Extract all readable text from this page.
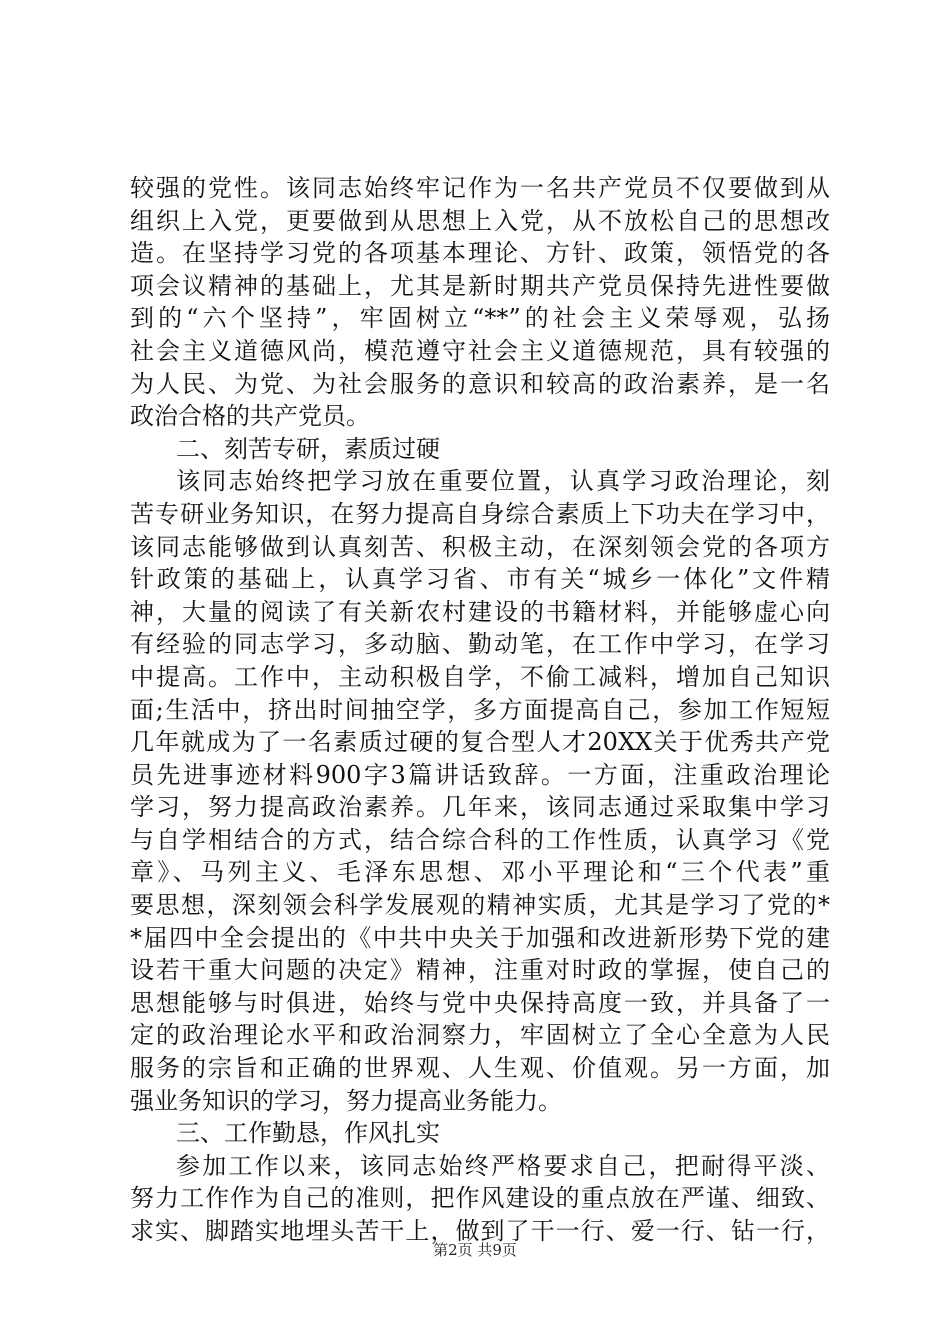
较强的党性。该同志始终牢记作为一名共产党员不仅要做到从
组织上入党，更要做到从思想上入党，从不放松自己的思想改
造。在坚持学习党的各项基本理论、方针、政策，领悟党的各
项会议精神的基础上，尤其是新时期共产党员保持先进性要做
到的“六个坚持”，牢固树立“**”的社会主义荣辱观，弘扬
社会主义道德风尚，模范遵守社会主义道德规范，具有较强的
为人民、为党、为社会服务的意识和较高的政治素养，是一名
政治合格的共产党员。
二、刻苦专研，素质过硬
该同志始终把学习放在重要位置，认真学习政治理论，刻
苦专研业务知识，在努力提高自身综合素质上下功夫在学习中，
该同志能够做到认真刻苦、积极主动，在深刻领会党的各项方
针政策的基础上，认真学习省、市有关“城乡一体化”文件精
神，大量的阅读了有关新农村建设的书籍材料，并能够虚心向
有经验的同志学习，多动脑、勤动笔，在工作中学习，在学习
中提高。工作中，主动积极自学，不偷工减料，增加自己知识
面;生活中，挤出时间抽空学，多方面提高自己，参加工作短短
几年就成为了一名素质过硬的复合型人才20XX关于优秀共产党
员先进事迹材料900字3篇讲话致辞。一方面，注重政治理论
学习，努力提高政治素养。几年来，该同志通过采取集中学习
与自学相结合的方式，结合综合科的工作性质，认真学习《党
章》、马列主义、毛泽东思想、邓小平理论和“三个代表”重
要思想，深刻领会科学发展观的精神实质，尤其是学习了党的*
*届四中全会提出的《中共中央关于加强和改进新形势下党的建
设若干重大问题的决定》精神，注重对时政的掌握，使自己的
思想能够与时俱进，始终与党中央保持高度一致，并具备了一
定的政治理论水平和政治洞察力，牢固树立了全心全意为人民
服务的宗旨和正确的世界观、人生观、价值观。另一方面，加
强业务知识的学习，努力提高业务能力。
三、工作勤恳，作风扎实
参加工作以来，该同志始终严格要求自己，把耐得平淡、
努力工作作为自己的准则，把作风建设的重点放在严谨、细致、
求实、脚踏实地埋头苦干上，做到了干一行、爱一行、钻一行，
第2页 共9页
